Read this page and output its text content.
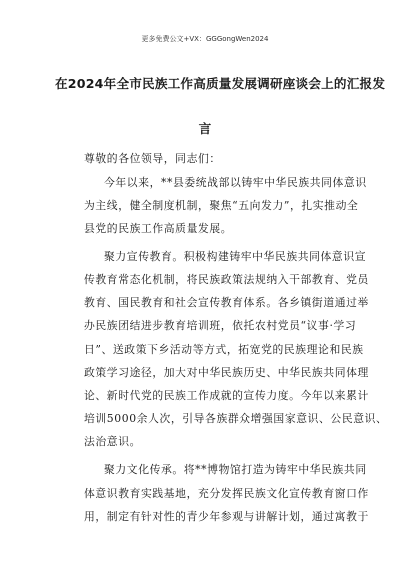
更多免费公文+VX：GGGongWen2024
在2024年全市民族工作高质量发展调研座谈会上的汇报发
言
尊敬的各位领导，同志们：
今年以来，**县委统战部以铸牢中华民族共同体意识
为主线，健全制度机制，聚焦“五向发力”，扎实推动全
县党的民族工作高质量发展。
聚力宣传教育。积极构建铸牢中华民族共同体意识宣
传教育常态化机制，将民族政策法规纳入干部教育、党员
教育、国民教育和社会宣传教育体系。各乡镇街道通过举
办民族团结进步教育培训班，依托农村党员“议事·学习
日”、送政策下乡活动等方式，拓宽党的民族理论和民族
政策学习途径，加大对中华民族历史、中华民族共同体理
论、新时代党的民族工作成就的宣传力度。今年以来累计
培训5000余人次，引导各族群众增强国家意识、公民意识、
法治意识。
聚力文化传承。将**博物馆打造为铸牢中华民族共同
体意识教育实践基地，充分发挥民族文化宣传教育窗口作
用，制定有针对性的青少年参观与讲解计划，通过寓教于
